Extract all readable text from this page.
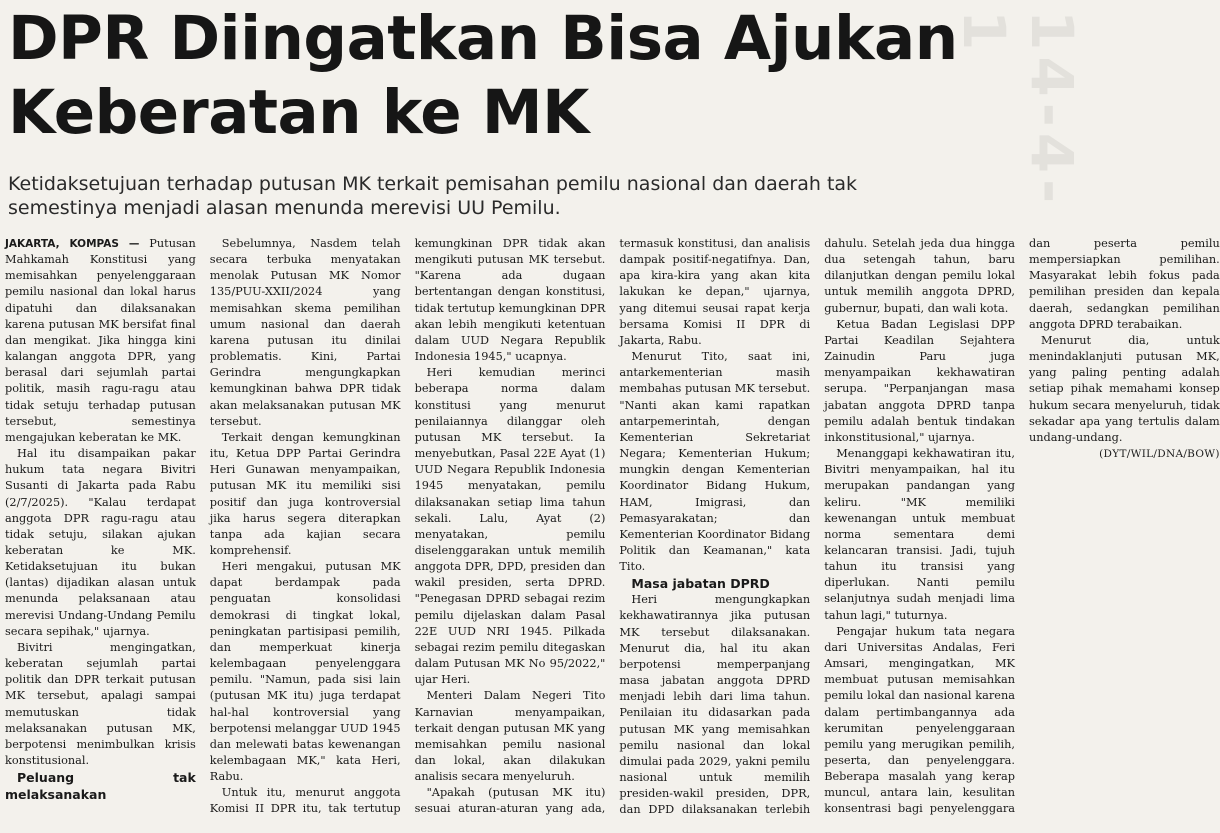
DPR Diingatkan Bisa Ajukan Keberatan ke MK
Ketidaksetujuan terhadap putusan MK terkait pemisahan pemilu nasional dan daerah tak semestinya menjadi alasan menunda merevisi UU Pemilu.	14-4-1

JAKARTA, KOMPAS — Putusan Mahkamah Konstitusi yang memisahkan penyelenggaraan pemilu nasional dan lokal harus dipatuhi dan dilaksanakan karena putusan MK bersifat final dan mengikat. Jika hingga kini kalangan anggota DPR, yang berasal dari sejumlah partai politik, masih ragu-ragu atau tidak setuju terhadap putusan tersebut, semestinya mengajukan keberatan ke MK.

Hal itu disampaikan pakar hukum tata negara Bivitri Susanti di Jakarta pada Rabu (2/7/2025). "Kalau terdapat anggota DPR ragu-ragu atau tidak setuju, silakan ajukan keberatan ke MK. Ketidaksetujuan itu bukan (lantas) dijadikan alasan untuk menunda pelaksanaan atau merevisi Undang-Undang Pemilu secara sepihak," ujarnya.

Bivitri mengingatkan, keberatan sejumlah partai politik dan DPR terkait putusan MK tersebut, apalagi sampai memutuskan tidak melaksanakan putusan MK, berpotensi menimbulkan krisis konstitusional.

Peluang tak melaksanakan

Sebelumnya, Nasdem telah secara terbuka menyatakan menolak Putusan MK Nomor 135/PUU-XXII/2024 yang memisahkan skema pemilihan umum nasional dan daerah karena putusan itu dinilai problematis. Kini, Partai Gerindra mengungkapkan kemungkinan bahwa DPR tidak akan melaksanakan putusan MK tersebut.

Terkait dengan kemungkinan itu, Ketua DPP Partai Gerindra Heri Gunawan menyampaikan, putusan MK itu memiliki sisi positif dan juga kontroversial jika harus segera diterapkan tanpa ada kajian secara komprehensif.

Heri mengakui, putusan MK dapat berdampak pada penguatan konsolidasi demokrasi di tingkat lokal, peningkatan partisipasi pemilih, dan memperkuat kinerja kelembagaan penyelenggara pemilu. "Namun, pada sisi lain (putusan MK itu) juga terdapat hal-hal kontroversial yang berpotensi melanggar UUD 1945 dan melewati batas kewenangan kelembagaan MK," kata Heri, Rabu.

Untuk itu, menurut anggota Komisi II DPR itu, tak tertutup kemungkinan DPR tidak akan mengikuti putusan MK tersebut. "Karena ada dugaan bertentangan dengan konstitusi, tidak tertutup kemungkinan DPR akan lebih mengikuti ketentuan dalam UUD Negara Republik Indonesia 1945," ucapnya.

Heri kemudian merinci beberapa norma dalam konstitusi yang menurut penilaiannya dilanggar oleh putusan MK tersebut. Ia menyebutkan, Pasal 22E Ayat (1) UUD Negara Republik Indonesia 1945 menyatakan, pemilu dilaksanakan setiap lima tahun sekali. Lalu, Ayat (2) menyatakan, pemilu diselenggarakan untuk memilih anggota DPR, DPD, presiden dan wakil presiden, serta DPRD. "Penegasan DPRD sebagai rezim pemilu dijelaskan dalam Pasal 22E UUD NRI 1945. Pilkada sebagai rezim pemilu ditegaskan dalam Putusan MK No 95/2022," ujar Heri.

Menteri Dalam Negeri Tito Karnavian menyampaikan, terkait dengan putusan MK yang memisahkan pemilu nasional dan lokal, akan dilakukan analisis secara menyeluruh.

"Apakah (putusan MK itu) sesuai aturan-aturan yang ada, termasuk konstitusi, dan analisis dampak positif-negatifnya. Dan, apa kira-kira yang akan kita lakukan ke depan," ujarnya, yang ditemui seusai rapat kerja bersama Komisi II DPR di Jakarta, Rabu.

Menurut Tito, saat ini, antarkementerian masih membahas putusan MK tersebut. "Nanti akan kami rapatkan antarpemerintah, dengan Kementerian Sekretariat Negara; Kementerian Hukum; mungkin dengan Kementerian Koordinator Bidang Hukum, HAM, Imigrasi, dan Pemasyarakatan; dan Kementerian Koordinator Bidang Politik dan Keamanan," kata Tito.

Masa jabatan DPRD

Heri mengungkapkan kekhawatirannya jika putusan MK tersebut dilaksanakan. Menurut dia, hal itu akan berpotensi memperpanjang masa jabatan anggota DPRD menjadi lebih dari lima tahun. Penilaian itu didasarkan pada putusan MK yang memisahkan pemilu nasional dan lokal dimulai pada 2029, yakni pemilu nasional untuk memilih presiden-wakil presiden, DPR, dan DPD dilaksanakan terlebih dahulu. Setelah jeda dua hingga dua setengah tahun, baru dilanjutkan dengan pemilu lokal untuk memilih anggota DPRD, gubernur, bupati, dan wali kota.

Ketua Badan Legislasi DPP Partai Keadilan Sejahtera Zainudin Paru juga menyampaikan kekhawatiran serupa. "Perpanjangan masa jabatan anggota DPRD tanpa pemilu adalah bentuk tindakan inkonstitusional," ujarnya.

Menanggapi kekhawatiran itu, Bivitri menyampaikan, hal itu merupakan pandangan yang keliru. "MK memiliki kewenangan untuk membuat norma sementara demi kelancaran transisi. Jadi, tujuh tahun itu transisi yang diperlukan. Nanti pemilu selanjutnya sudah menjadi lima tahun lagi," tuturnya.

Pengajar hukum tata negara dari Universitas Andalas, Feri Amsari, mengingatkan, MK membuat putusan memisahkan pemilu lokal dan nasional karena dalam pertimbangannya ada kerumitan penyelenggaraan pemilu yang merugikan pemilih, peserta, dan penyelenggara. Beberapa masalah yang kerap muncul, antara lain, kesulitan konsentrasi bagi penyelenggara dan peserta pemilu mempersiapkan pemilihan. Masyarakat lebih fokus pada pemilihan presiden dan kepala daerah, sedangkan pemilihan anggota DPRD terabaikan.

Menurut dia, untuk menindaklanjuti putusan MK, yang paling penting adalah setiap pihak memahami konsep hukum secara menyeluruh, tidak sekadar apa yang tertulis dalam undang-undang.

(DYT/WIL/DNA/BOW)
